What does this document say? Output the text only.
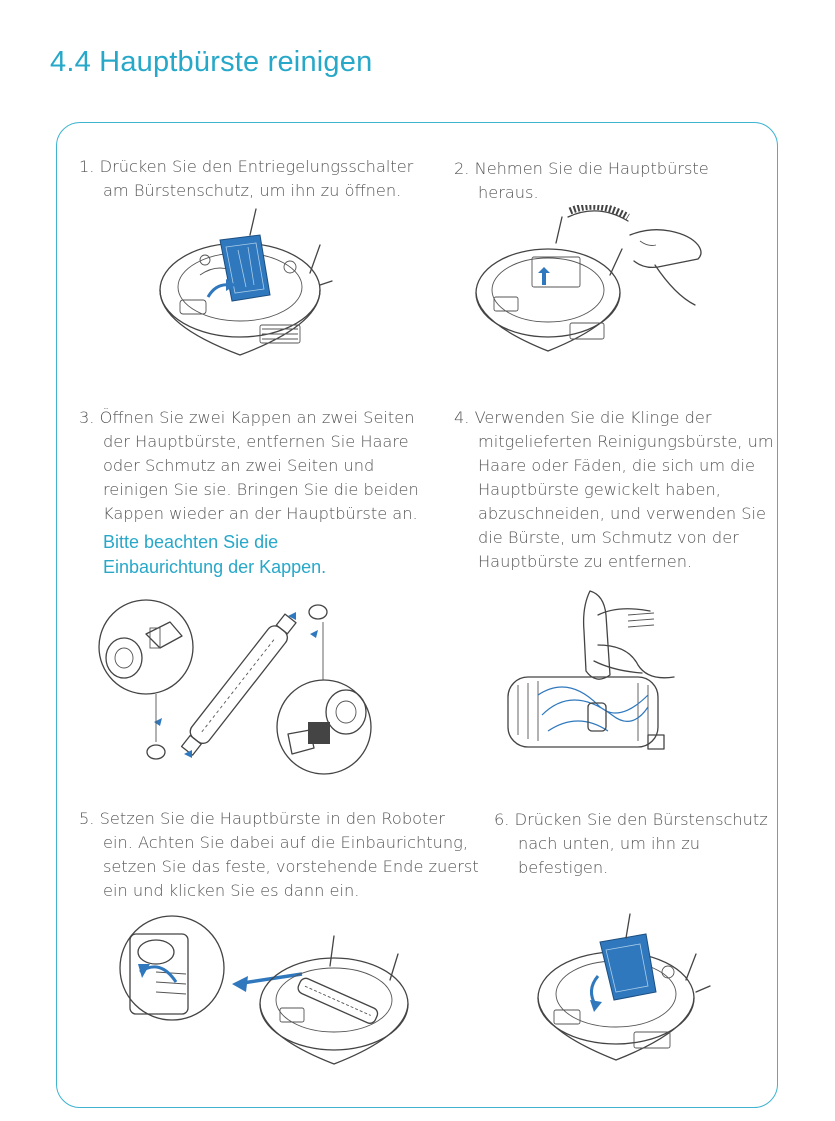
4.4 Hauptbürste reinigen

1. Drücken Sie den Entriegelungsschalter am Bürstenschutz, um ihn zu öffnen.

2. Nehmen Sie die Hauptbürste heraus.

3. Öffnen Sie zwei Kappen an zwei Seiten der Hauptbürste, entfernen Sie Haare oder Schmutz an zwei Seiten und reinigen Sie sie. Bringen Sie die beiden Kappen wieder an der Hauptbürste an.

Bitte beachten Sie die
Einbaurichtung der Kappen.

4. Verwenden Sie die Klinge der mitgelieferten Reinigungsbürste, um Haare oder Fäden, die sich um die Hauptbürste gewickelt haben, abzuschneiden, und verwenden Sie die Bürste, um Schmutz von der Hauptbürste zu entfernen.

5. Setzen Sie die Hauptbürste in den Roboter ein. Achten Sie dabei auf die Einbaurichtung, setzen Sie das feste, vorstehende Ende zuerst ein und klicken Sie es dann ein.

6. Drücken Sie den Bürstenschutz nach unten, um ihn zu befestigen.
